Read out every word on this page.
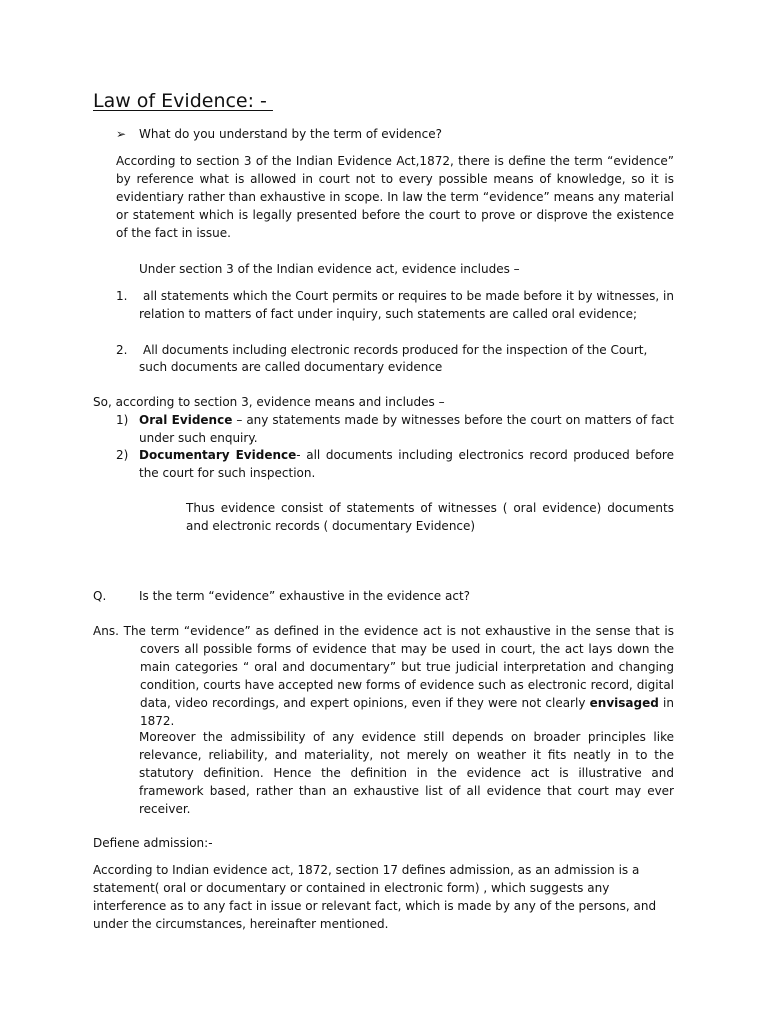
Law of Evidence: -
➢ What do you understand by the term of evidence?

According to section 3 of the Indian Evidence Act,1872, there is define the term “evidence” by reference what is allowed in court not to every possible means of knowledge, so it is evidentiary rather than exhaustive in scope. In law the term “evidence” means any material or statement which is legally presented before the court to prove or disprove the existence of the fact in issue.

Under section 3 of the Indian evidence act, evidence includes –
1.	all statements which the Court permits or requires to be made before it by witnesses, in relation to matters of fact under inquiry, such statements are called oral evidence;

2. All documents including electronic records produced for the inspection of the Court,
such documents are called documentary evidence
So, according to section 3, evidence means and includes –
1) Oral Evidence – any statements made by witnesses before the court on matters of fact under such enquiry.

2) Documentary Evidence- all documents including electronics record produced before the court for such inspection.

Thus evidence consist of statements of witnesses ( oral evidence) documents and electronic records ( documentary Evidence)

Q.	Is the term “evidence” exhaustive in the evidence act?

Ans. The term “evidence” as defined in the evidence act is not exhaustive in the sense that is covers all possible forms of evidence that may be used in court, the act lays down the main categories “ oral and documentary” but true judicial interpretation and changing condition, courts have accepted new forms of evidence such as electronic record, digital data, video recordings, and expert opinions, even if they were not clearly envisaged in 1872.

Moreover the admissibility of any evidence still depends on broader principles like relevance, reliability, and materiality, not merely on weather it fits neatly in to the statutory definition. Hence the definition in the evidence act is illustrative and framework based, rather than an exhaustive list of all evidence that court may ever receiver.

Defiene admission:-

According to Indian evidence act, 1872, section 17 defines admission, as an admission is a statement( oral or documentary or contained in electronic form) , which suggests any interference as to any fact in issue or relevant fact, which is made by any of the persons, and under the circumstances, hereinafter mentioned.
